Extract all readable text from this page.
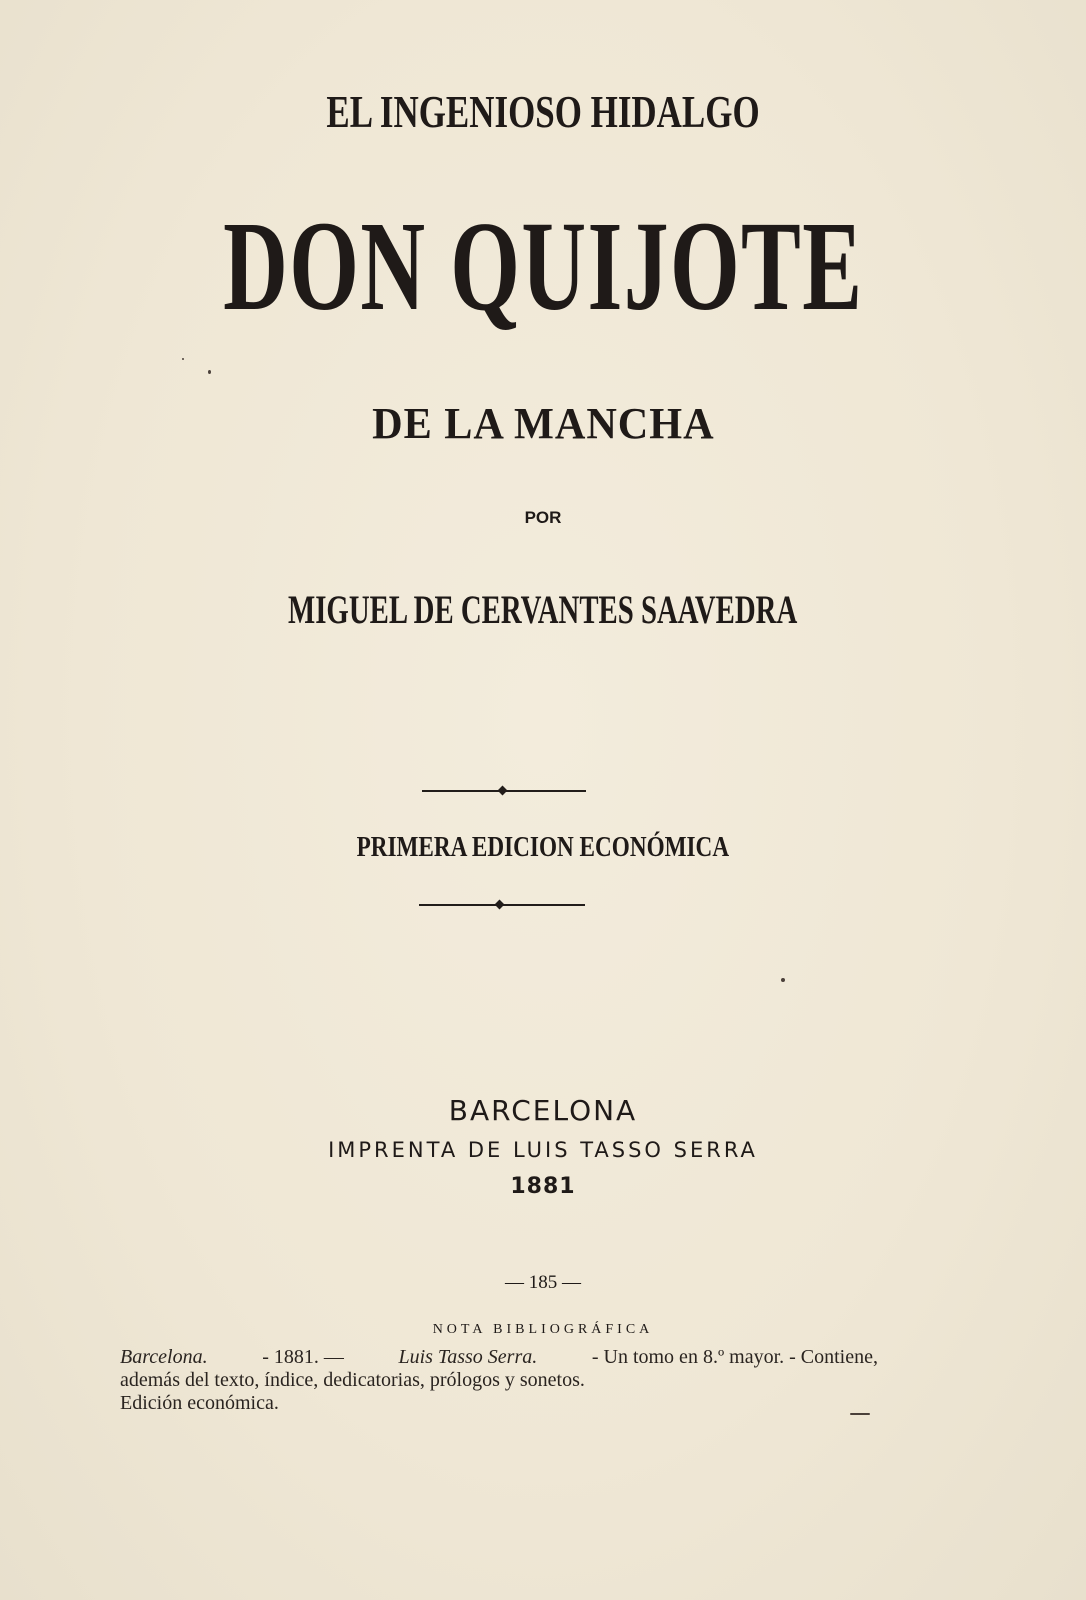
EL INGENIOSO HIDALGO
DON QUIJOTE
DE LA MANCHA
POR
MIGUEL DE CERVANTES SAAVEDRA
PRIMERA EDICION ECONÓMICA
BARCELONA
IMPRENTA DE LUIS TASSO SERRA
1881
— 185 —
NOTA BIBLIOGRÁFICA
Barcelona.	- 1881. —	Luis Tasso Serra.	- Un tomo en 8.º mayor. - Contiene,
además del texto, índice, dedicatorias, prólogos y sonetos.
Edición económica.
